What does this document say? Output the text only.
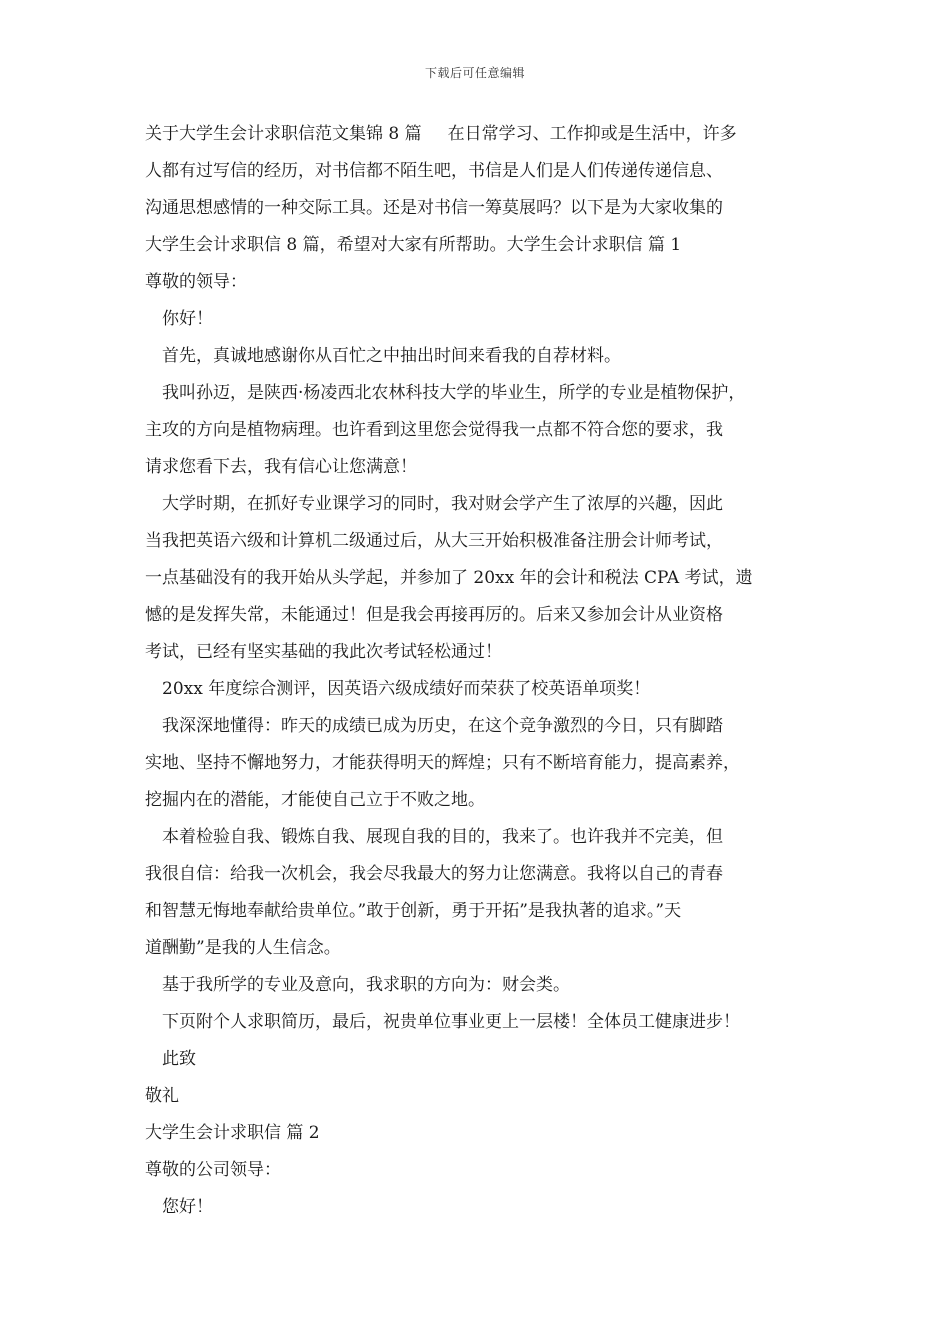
下载后可任意编辑
关于大学生会计求职信范文集锦 8 篇 在日常学习、工作抑或是生活中，许多
人都有过写信的经历，对书信都不陌生吧，书信是人们是人们传递传递信息、
沟通思想感情的一种交际工具。还是对书信一筹莫展吗？以下是为大家收集的
大学生会计求职信 8 篇，希望对大家有所帮助。大学生会计求职信 篇 1
尊敬的领导：
你好！
首先，真诚地感谢你从百忙之中抽出时间来看我的自荐材料。
我叫孙迈，是陕西·杨凌西北农林科技大学的毕业生，所学的专业是植物保护，
主攻的方向是植物病理。也许看到这里您会觉得我一点都不符合您的要求，我
请求您看下去，我有信心让您满意！
大学时期，在抓好专业课学习的同时，我对财会学产生了浓厚的兴趣，因此
当我把英语六级和计算机二级通过后，从大三开始积极准备注册会计师考试，
一点基础没有的我开始从头学起，并参加了 20xx 年的会计和税法 CPA 考试，遗
憾的是发挥失常，未能通过！但是我会再接再厉的。后来又参加会计从业资格
考试，已经有坚实基础的我此次考试轻松通过！
20xx 年度综合测评，因英语六级成绩好而荣获了校英语单项奖！
我深深地懂得：昨天的成绩已成为历史，在这个竞争激烈的今日，只有脚踏
实地、坚持不懈地努力，才能获得明天的辉煌；只有不断培育能力，提高素养，
挖掘内在的潜能，才能使自己立于不败之地。
本着检验自我、锻炼自我、展现自我的目的，我来了。也许我并不完美，但
我很自信：给我一次机会，我会尽我最大的努力让您满意。我将以自己的青春
和智慧无悔地奉献给贵单位。”敢于创新，勇于开拓”是我执著的追求。”天
道酬勤”是我的人生信念。
基于我所学的专业及意向，我求职的方向为：财会类。
下页附个人求职简历，最后，祝贵单位事业更上一层楼！全体员工健康进步！
此致
敬礼
大学生会计求职信 篇 2
尊敬的公司领导：
您好！
